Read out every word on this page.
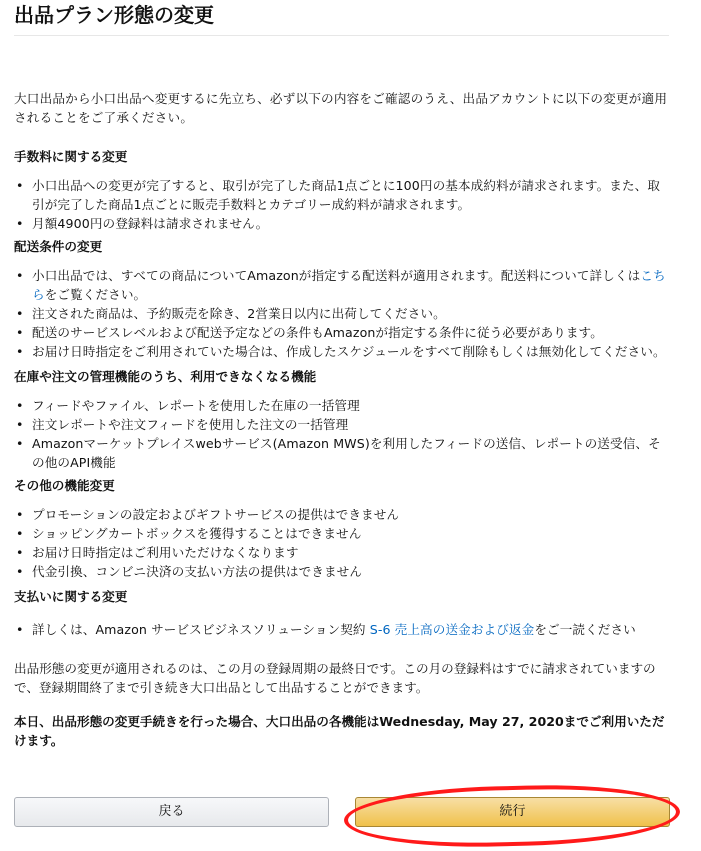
出品プラン形態の変更

大口出品から小口出品へ変更するに先立ち、必ず以下の内容をご確認のうえ、出品アカウントに以下の変更が適用されることをご了承ください。

手数料に関する変更
• 小口出品への変更が完了すると、取引が完了した商品1点ごとに100円の基本成約料が請求されます。また、取引が完了した商品1点ごとに販売手数料とカテゴリー成約料が請求されます。
• 月額4900円の登録料は請求されません。
配送条件の変更
• 小口出品では、すべての商品についてAmazonが指定する配送料が適用されます。配送料について詳しくはこちらをご覧ください。
• 注文された商品は、予約販売を除き、2営業日以内に出荷してください。
• 配送のサービスレベルおよび配送予定などの条件もAmazonが指定する条件に従う必要があります。
• お届け日時指定をご利用されていた場合は、作成したスケジュールをすべて削除もしくは無効化してください。
在庫や注文の管理機能のうち、利用できなくなる機能
• フィードやファイル、レポートを使用した在庫の一括管理
• 注文レポートや注文フィードを使用した注文の一括管理
• Amazonマーケットプレイスwebサービス(Amazon MWS)を利用したフィードの送信、レポートの送受信、その他のAPI機能
その他の機能変更
• プロモーションの設定およびギフトサービスの提供はできません
• ショッピングカートボックスを獲得することはできません
• お届け日時指定はご利用いただけなくなります
• 代金引換、コンビニ決済の支払い方法の提供はできません
支払いに関する変更
• 詳しくは、Amazon サービスビジネスソリューション契約 S-6 売上高の送金および返金をご一読ください

出品形態の変更が適用されるのは、この月の登録周期の最終日です。この月の登録料はすでに請求されていますので、登録期間終了まで引き続き大口出品として出品することができます。

本日、出品形態の変更手続きを行った場合、大口出品の各機能はWednesday, May 27, 2020までご利用いただけます。

戻る	続行
